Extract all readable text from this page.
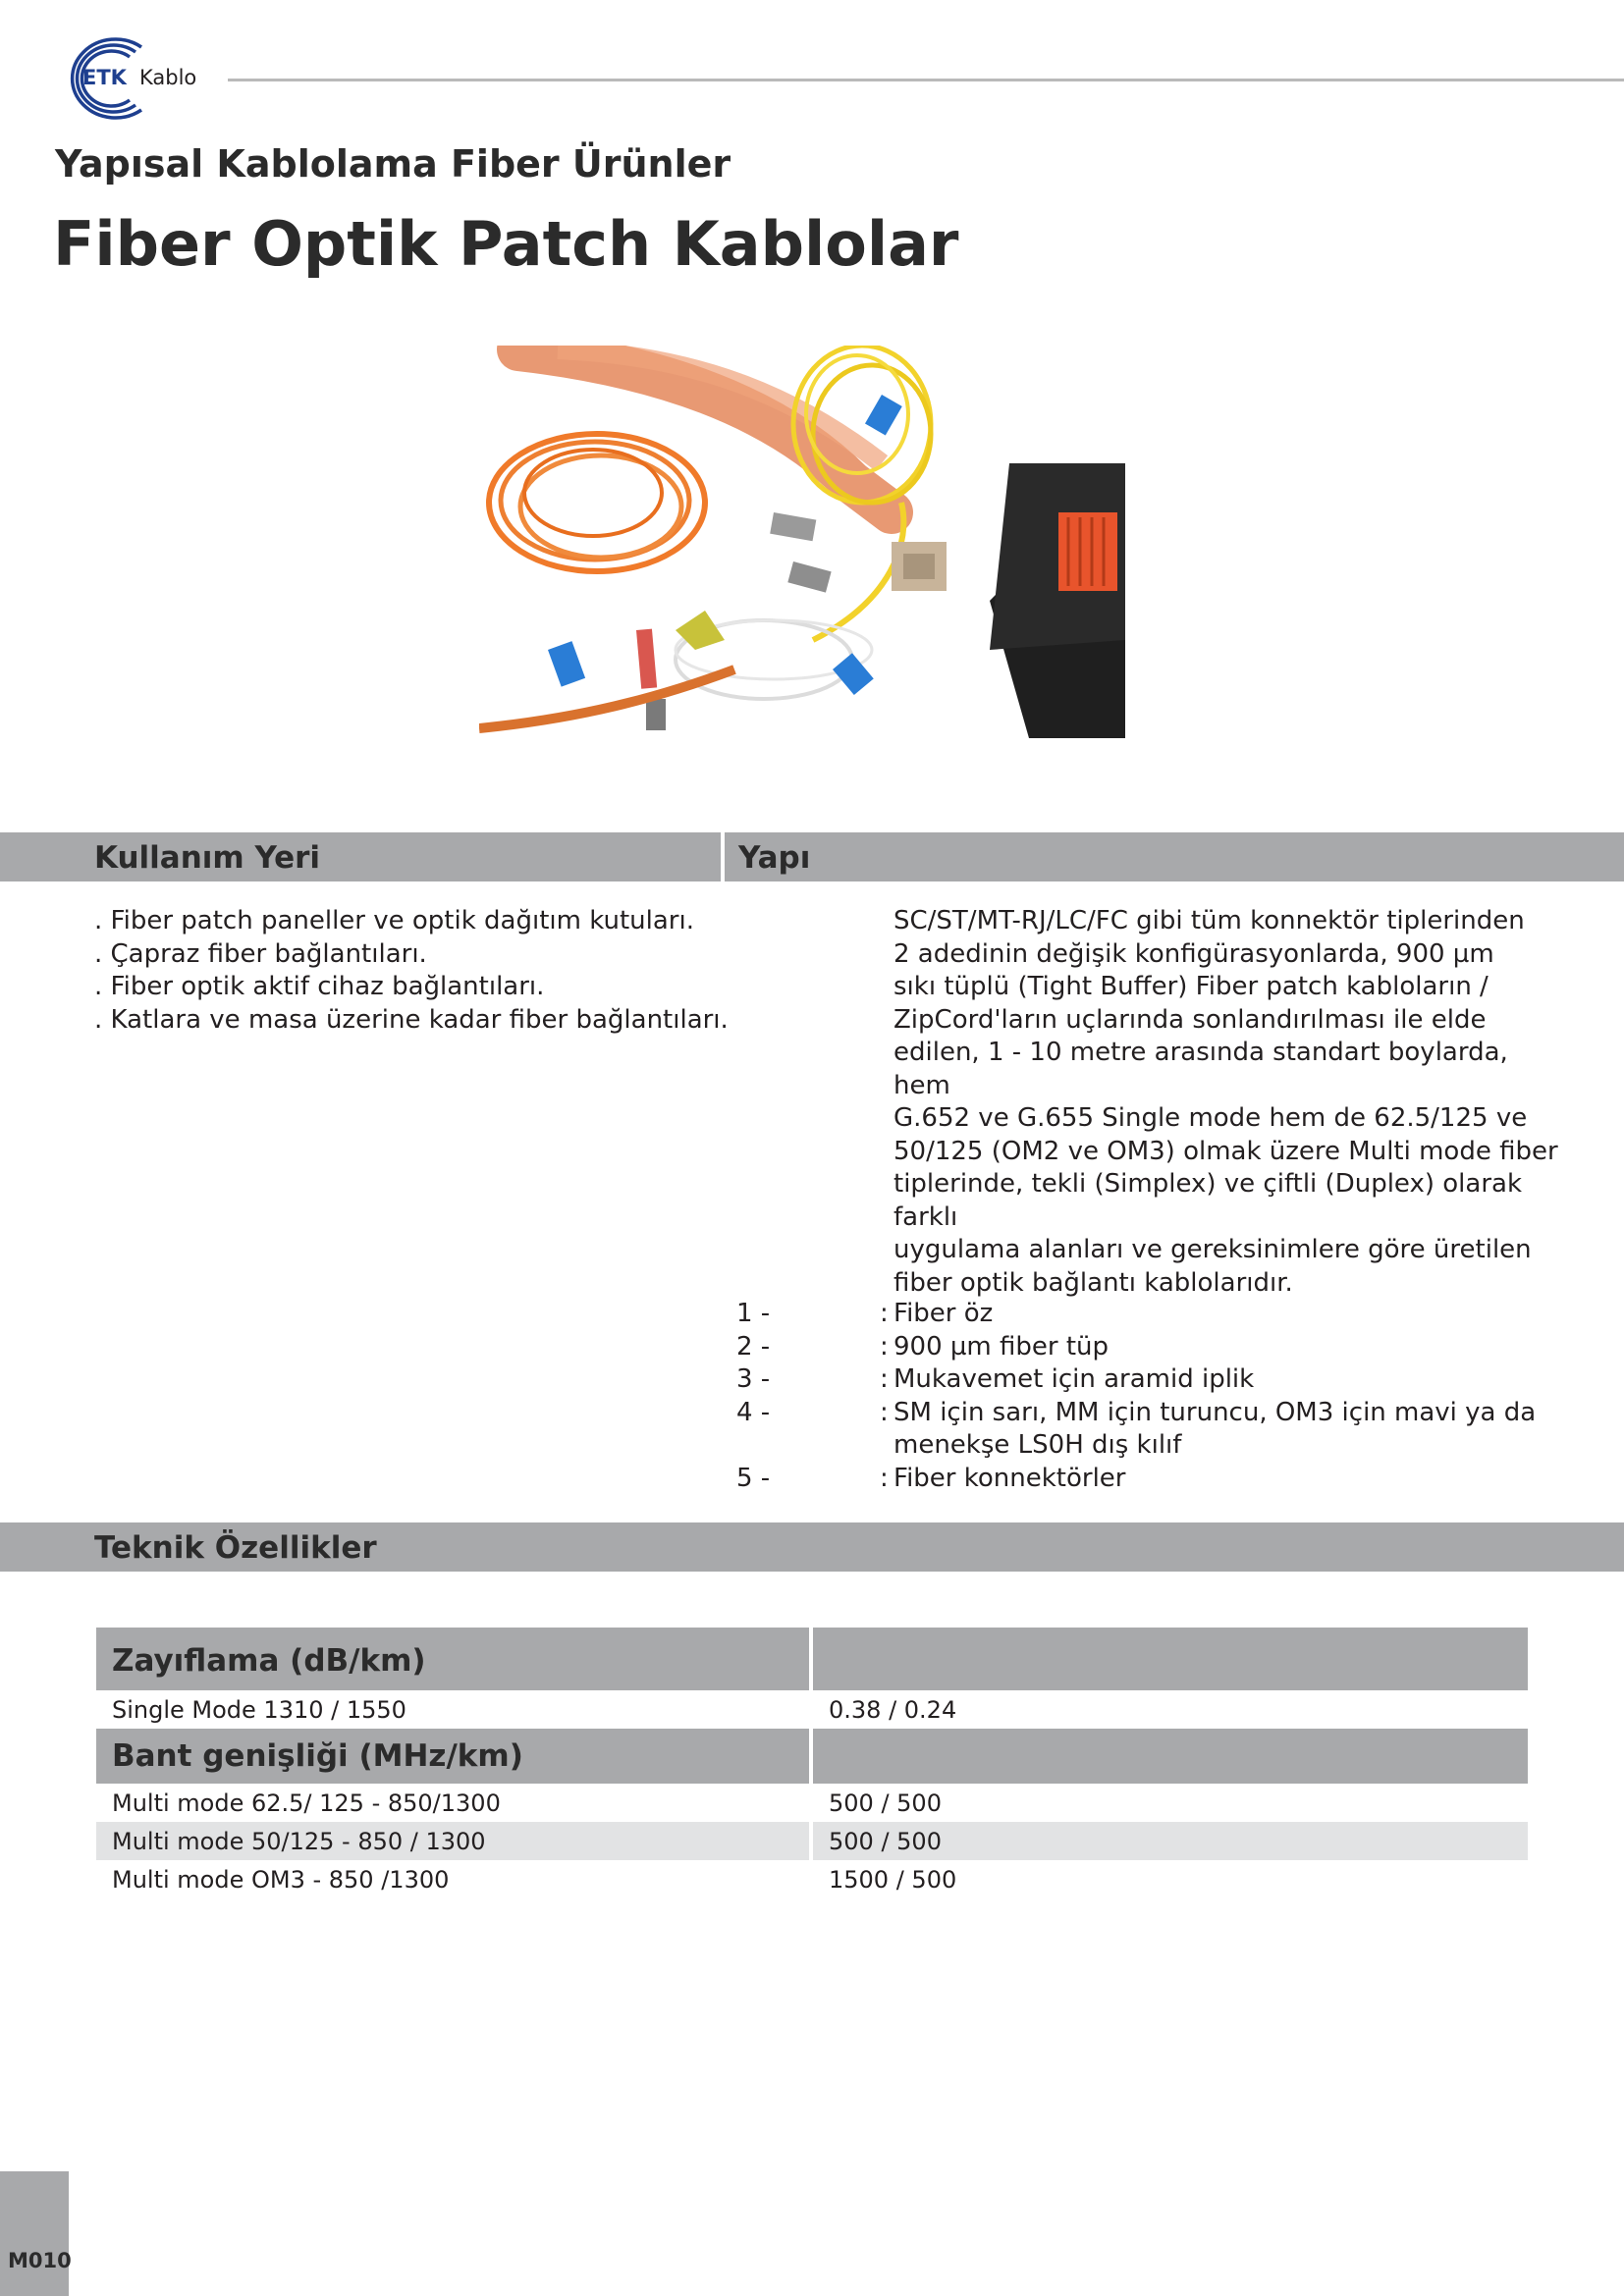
ETK Kablo
Yapısal Kablolama Fiber Ürünler
Fiber Optik Patch Kablolar
Kullanım Yeri	Yapı
. Fiber patch paneller ve optik dağıtım kutuları.
. Çapraz fiber bağlantıları.
. Fiber optik aktif cihaz bağlantıları.
. Katlara ve masa üzerine kadar fiber bağlantıları.
SC/ST/MT-RJ/LC/FC gibi tüm konnektör tiplerinden
2 adedinin değişik konfigürasyonlarda, 900 µm
sıkı tüplü (Tight Buffer) Fiber patch kabloların /
ZipCord'ların uçlarında sonlandırılması ile elde
edilen, 1 - 10 metre arasında standart boylarda, hem
G.652 ve G.655 Single mode hem de 62.5/125 ve
50/125 (OM2 ve OM3) olmak üzere Multi mode fiber
tiplerinde, tekli (Simplex) ve çiftli (Duplex) olarak farklı
uygulama alanları ve gereksinimlere göre üretilen
fiber optik bağlantı kablolarıdır.
1 -	: Fiber öz
2 -	: 900 µm fiber tüp
3 -	: Mukavemet için aramid iplik
4 -	: SM için sarı, MM için turuncu, OM3 için mavi ya da
menekşe LS0H dış kılıf
5 -	: Fiber konnektörler
Teknik Özellikler
Zayıflama (dB/km)
Single Mode 1310 / 1550	0.38 / 0.24
Bant genişliği (MHz/km)
Multi mode 62.5/ 125 - 850/1300	500 / 500
Multi mode 50/125 - 850 / 1300	500 / 500
Multi mode OM3 - 850 /1300	1500 / 500
M010
